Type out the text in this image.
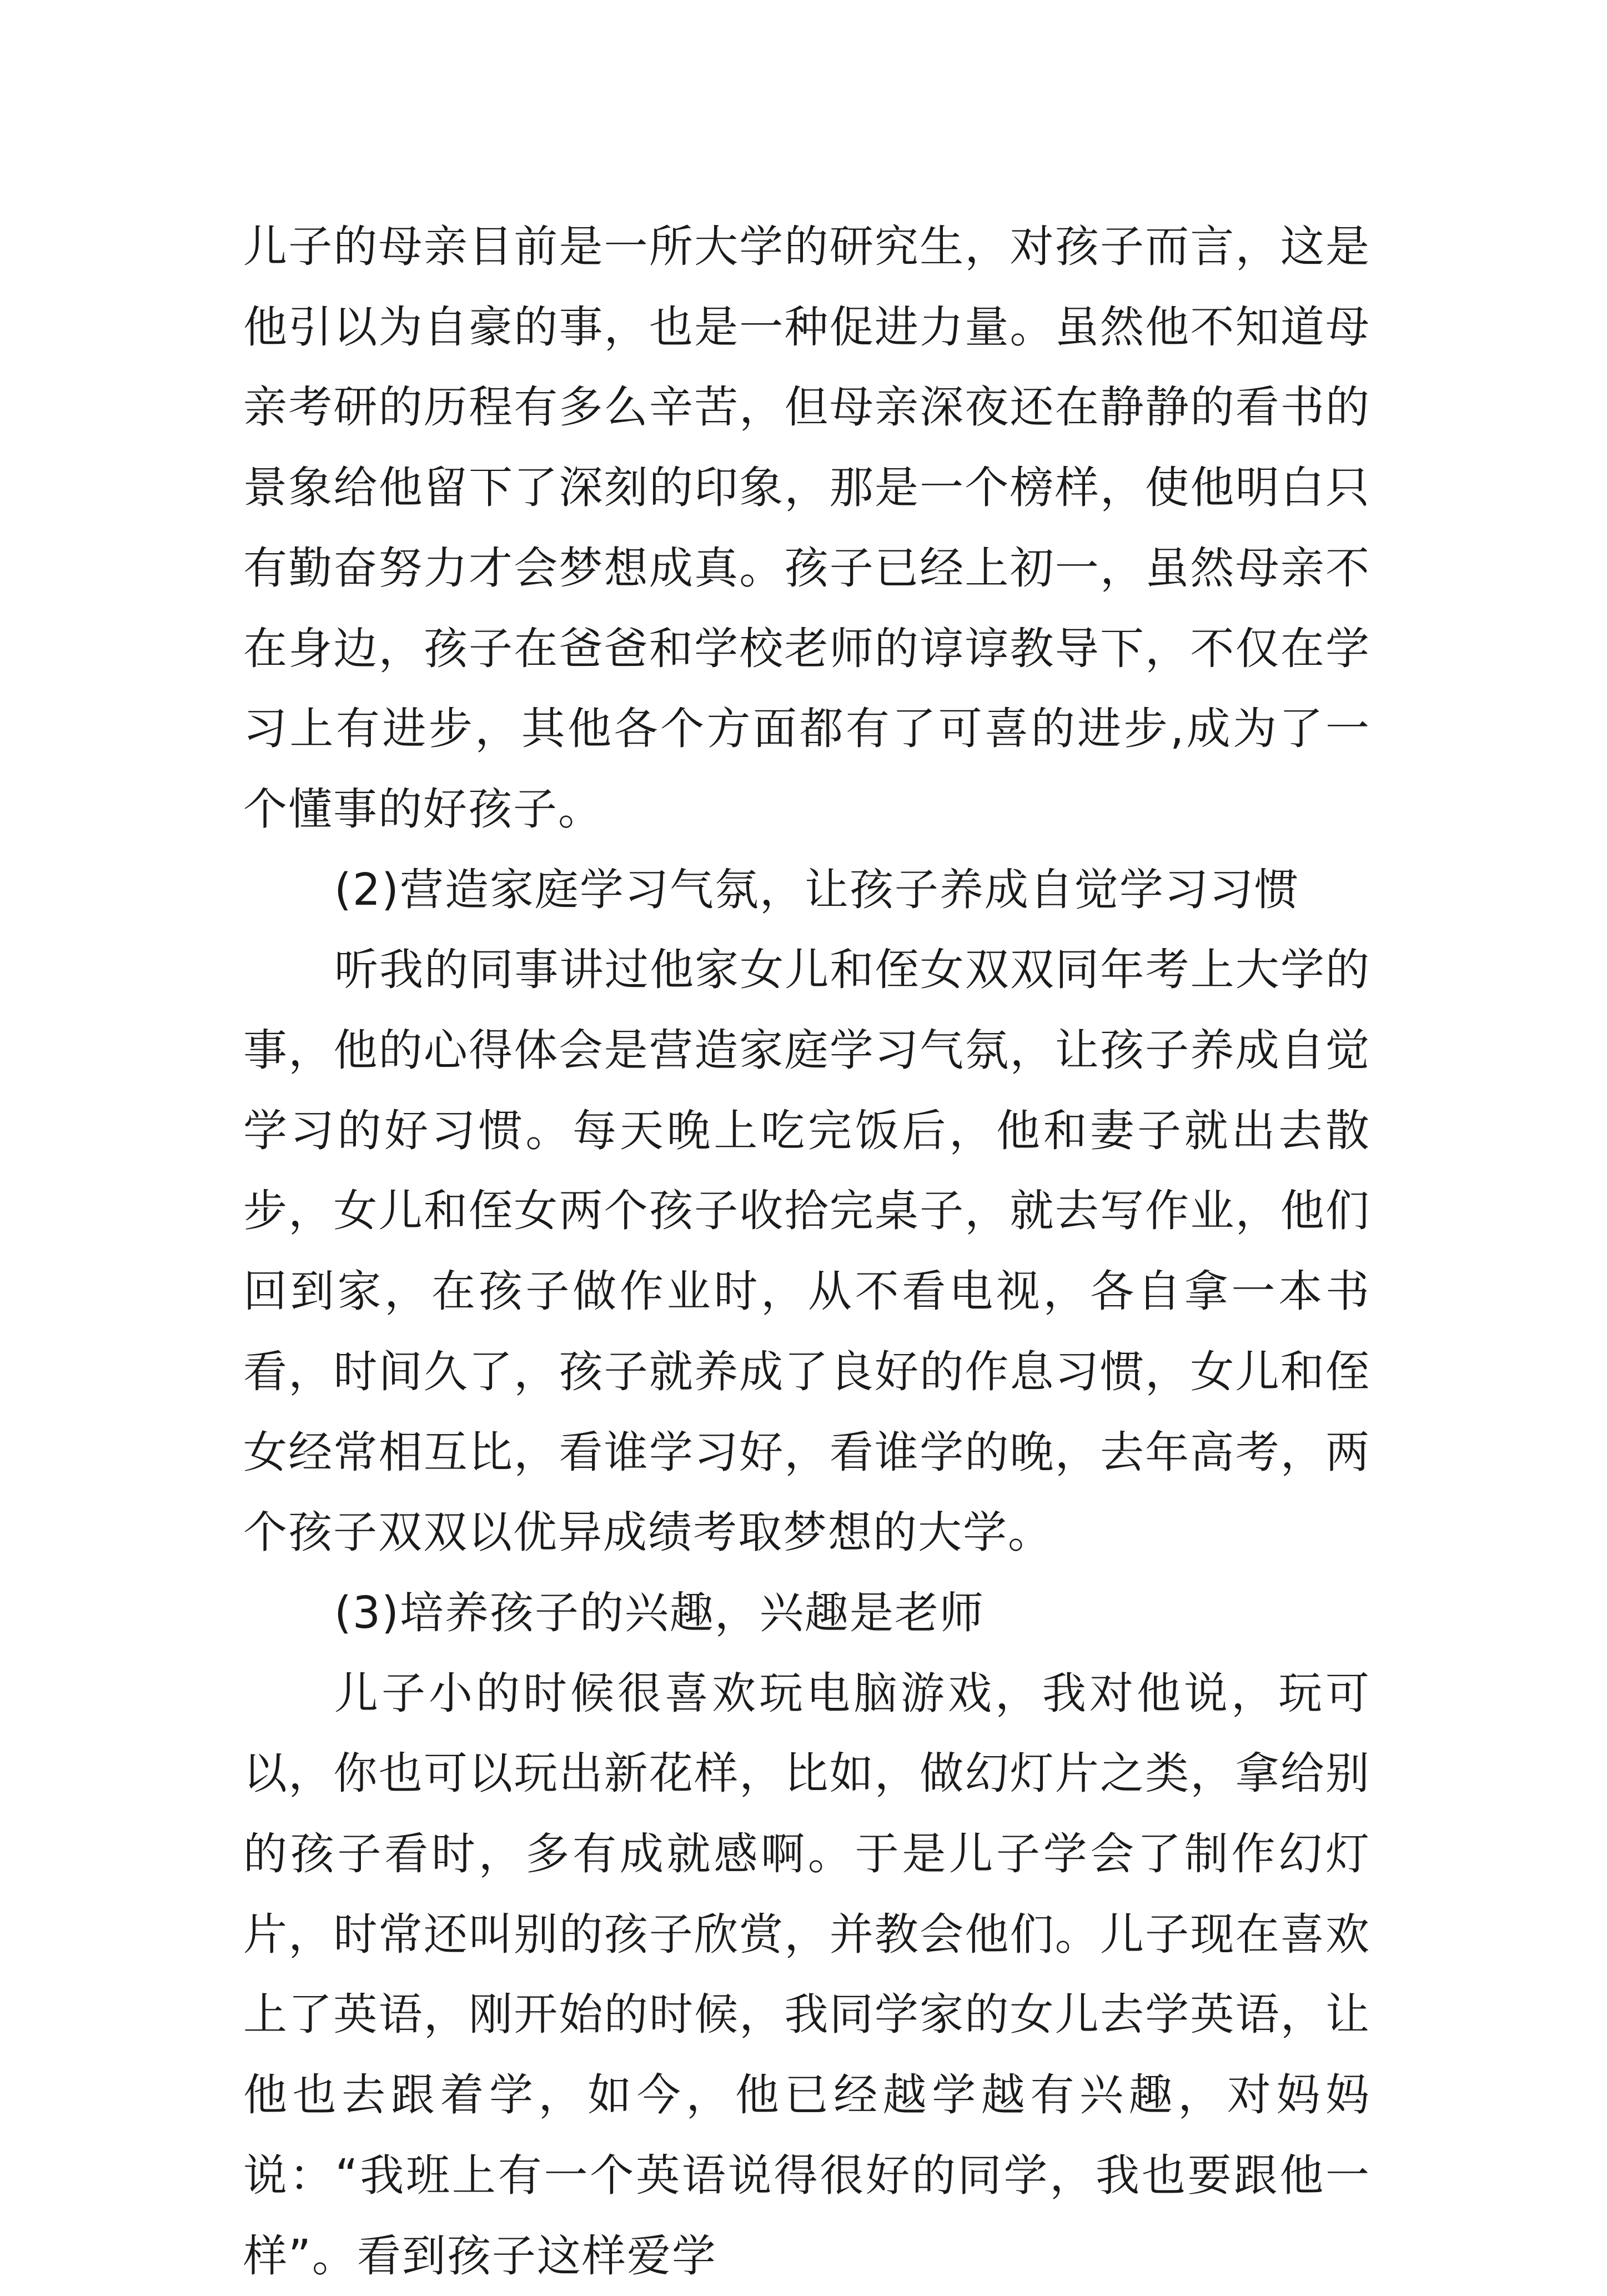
儿子的母亲目前是一所大学的研究生，对孩子而言，这是他引以为自豪的事，也是一种促进力量。虽然他不知道母亲考研的历程有多么辛苦，但母亲深夜还在静静的看书的景象给他留下了深刻的印象，那是一个榜样，使他明白只有勤奋努力才会梦想成真。孩子已经上初一，虽然母亲不在身边，孩子在爸爸和学校老师的谆谆教导下，不仅在学习上有进步，其他各个方面都有了可喜的进步,成为了一个懂事的好孩子。

(2)营造家庭学习气氛，让孩子养成自觉学习习惯

听我的同事讲过他家女儿和侄女双双同年考上大学的事，他的心得体会是营造家庭学习气氛，让孩子养成自觉学习的好习惯。每天晚上吃完饭后，他和妻子就出去散步，女儿和侄女两个孩子收拾完桌子，就去写作业，他们回到家，在孩子做作业时，从不看电视，各自拿一本书看，时间久了，孩子就养成了良好的作息习惯，女儿和侄女经常相互比，看谁学习好，看谁学的晚，去年高考，两个孩子双双以优异成绩考取梦想的大学。

(3)培养孩子的兴趣，兴趣是老师

儿子小的时候很喜欢玩电脑游戏，我对他说，玩可以，你也可以玩出新花样，比如，做幻灯片之类，拿给别的孩子看时，多有成就感啊。于是儿子学会了制作幻灯片，时常还叫别的孩子欣赏，并教会他们。儿子现在喜欢上了英语，刚开始的时候，我同学家的女儿去学英语，让他也去跟着学，如今，他已经越学越有兴趣，对妈妈说：“我班上有一个英语说得很好的同学，我也要跟他一样”。看到孩子这样爱学
